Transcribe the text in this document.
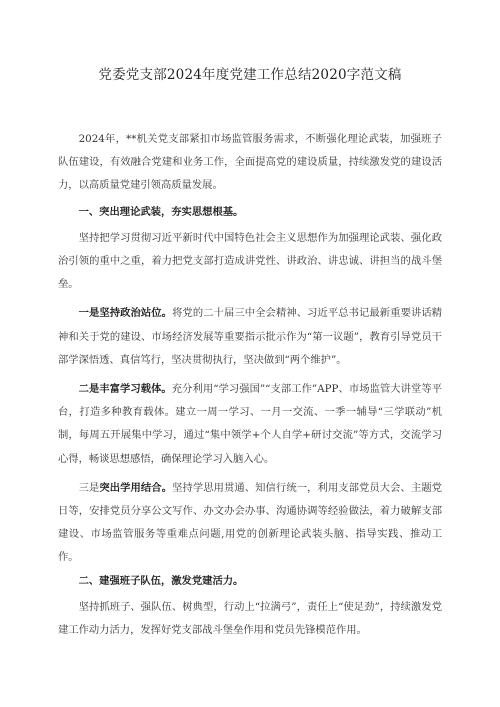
党委党支部2024年度党建工作总结2020字范文稿

2024年，**机关党支部紧扣市场监管服务需求，不断强化理论武装，加强班子队伍建设，有效融合党建和业务工作，全面提高党的建设质量，持续激发党的建设活力，以高质量党建引领高质量发展。

一、突出理论武装，夯实思想根基。

坚持把学习贯彻习近平新时代中国特色社会主义思想作为加强理论武装、强化政治引领的重中之重，着力把党支部打造成讲党性、讲政治、讲忠诚、讲担当的战斗堡垒。

一是坚持政治站位。将党的二十届三中全会精神、习近平总书记最新重要讲话精神和关于党的建设、市场经济发展等重要指示批示作为“第一议题”，教育引导党员干部学深悟透、真信笃行，坚决贯彻执行，坚决做到“两个维护”。

二是丰富学习载体。充分利用“学习强国”“支部工作”APP、市场监管大讲堂等平台，打造多种教育载体。建立一周一学习、一月一交流、一季一辅导“三学联动”机制，每周五开展集中学习，通过“集中领学+个人自学+研讨交流”等方式，交流学习心得，畅谈思想感悟，确保理论学习入脑入心。

三是突出学用结合。坚持学思用贯通、知信行统一，利用支部党员大会、主题党日等，安排党员分享公文写作、办文办会办事、沟通协调等经验做法，着力破解支部建设、市场监管服务等重难点问题,用党的创新理论武装头脑、指导实践、推动工作。

二、建强班子队伍，激发党建活力。

坚持抓班子、强队伍、树典型，行动上“拉满弓”，责任上“使足劲”，持续激发党建工作动力活力，发挥好党支部战斗堡垒作用和党员先锋模范作用。
